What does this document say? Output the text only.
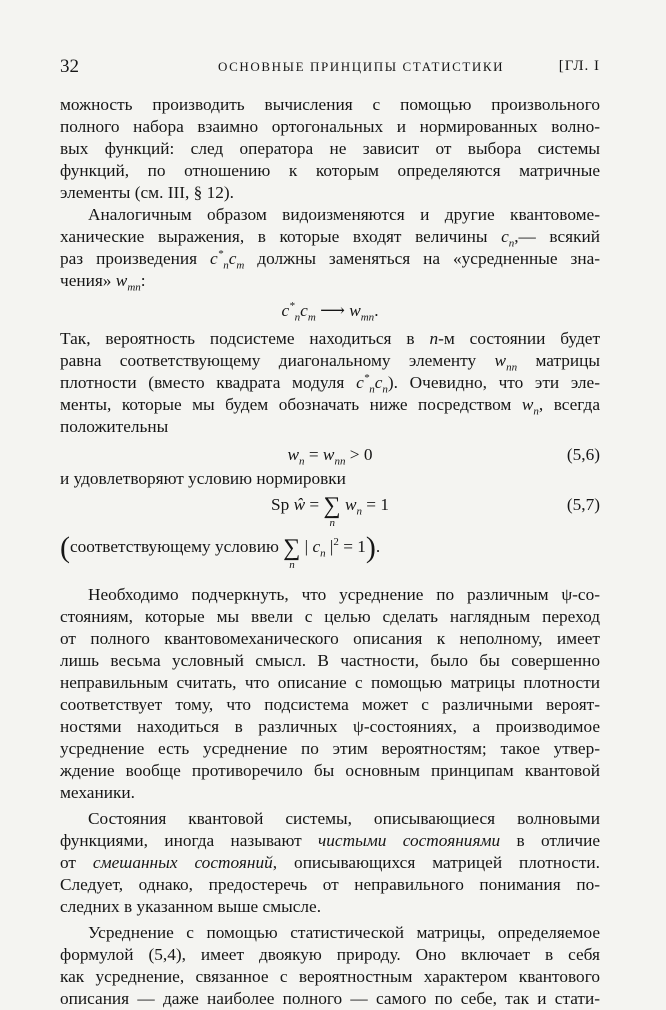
32	ОСНОВНЫЕ ПРИНЦИПЫ СТАТИСТИКИ	[ГЛ. I
можность производить вычисления с помощью произвольного
полного набора взаимно ортогональных и нормированных волно-
вых функций: след оператора не зависит от выбора системы
функций, по отношению к которым определяются матричные
элементы (см. III, § 12).
Аналогичным образом видоизменяются и другие квантовоме-
ханические выражения, в которые входят величины $c_n,—$ всякий
раз произведения $c^*_nc_m$ должны заменяться на «усредненные зна-
чения» $w_{mn}$:
$c^*_nc_m$ ⟶ $w_{mn}$.
Так, вероятность подсистеме находиться в n-м состоянии будет
равна соответствующему диагональному элементу $w_{nn}$ матрицы
плотности (вместо квадрата модуля $c^*_nc_n$). Очевидно, что эти эле-
менты, которые мы будем обозначать ниже посредством $w_n$, всегда
положительны
$w_n = w_{nn} > 0$	(5,6)
и удовлетворяют условию нормировки
Sp ŵ = ∑
n
$w_n = 1$	(5,7)
(соответствующему условию ∑
n
| $c_n$ $|^2 = 1$).
Необходимо подчеркнуть, что усреднение по различным ψ-со-
стояниям, которые мы ввели с целью сделать наглядным переход
от полного квантовомеханического описания к неполному, имеет
лишь весьма условный смысл. В частности, было бы совершенно
неправильным считать, что описание с помощью матрицы плотности
соответствует тому, что подсистема может с различными вероят-
ностями находиться в различных ψ-состояниях, а производимое
усреднение есть усреднение по этим вероятностям; такое утвер-
ждение вообще противоречило бы основным принципам квантовой
механики.
Состояния квантовой системы, описывающиеся волновыми
функциями, иногда называют чистыми состояниями в отличие
от смешанных состояний, описывающихся матрицей плотности.
Следует, однако, предостеречь от неправильного понимания по-
следних в указанном выше смысле.
Усреднение с помощью статистической матрицы, определяемое
формулой (5,4), имеет двоякую природу. Оно включает в себя
как усреднение, связанное с вероятностным характером квантового
описания — даже наиболее полного — самого по себе, так и стати-
